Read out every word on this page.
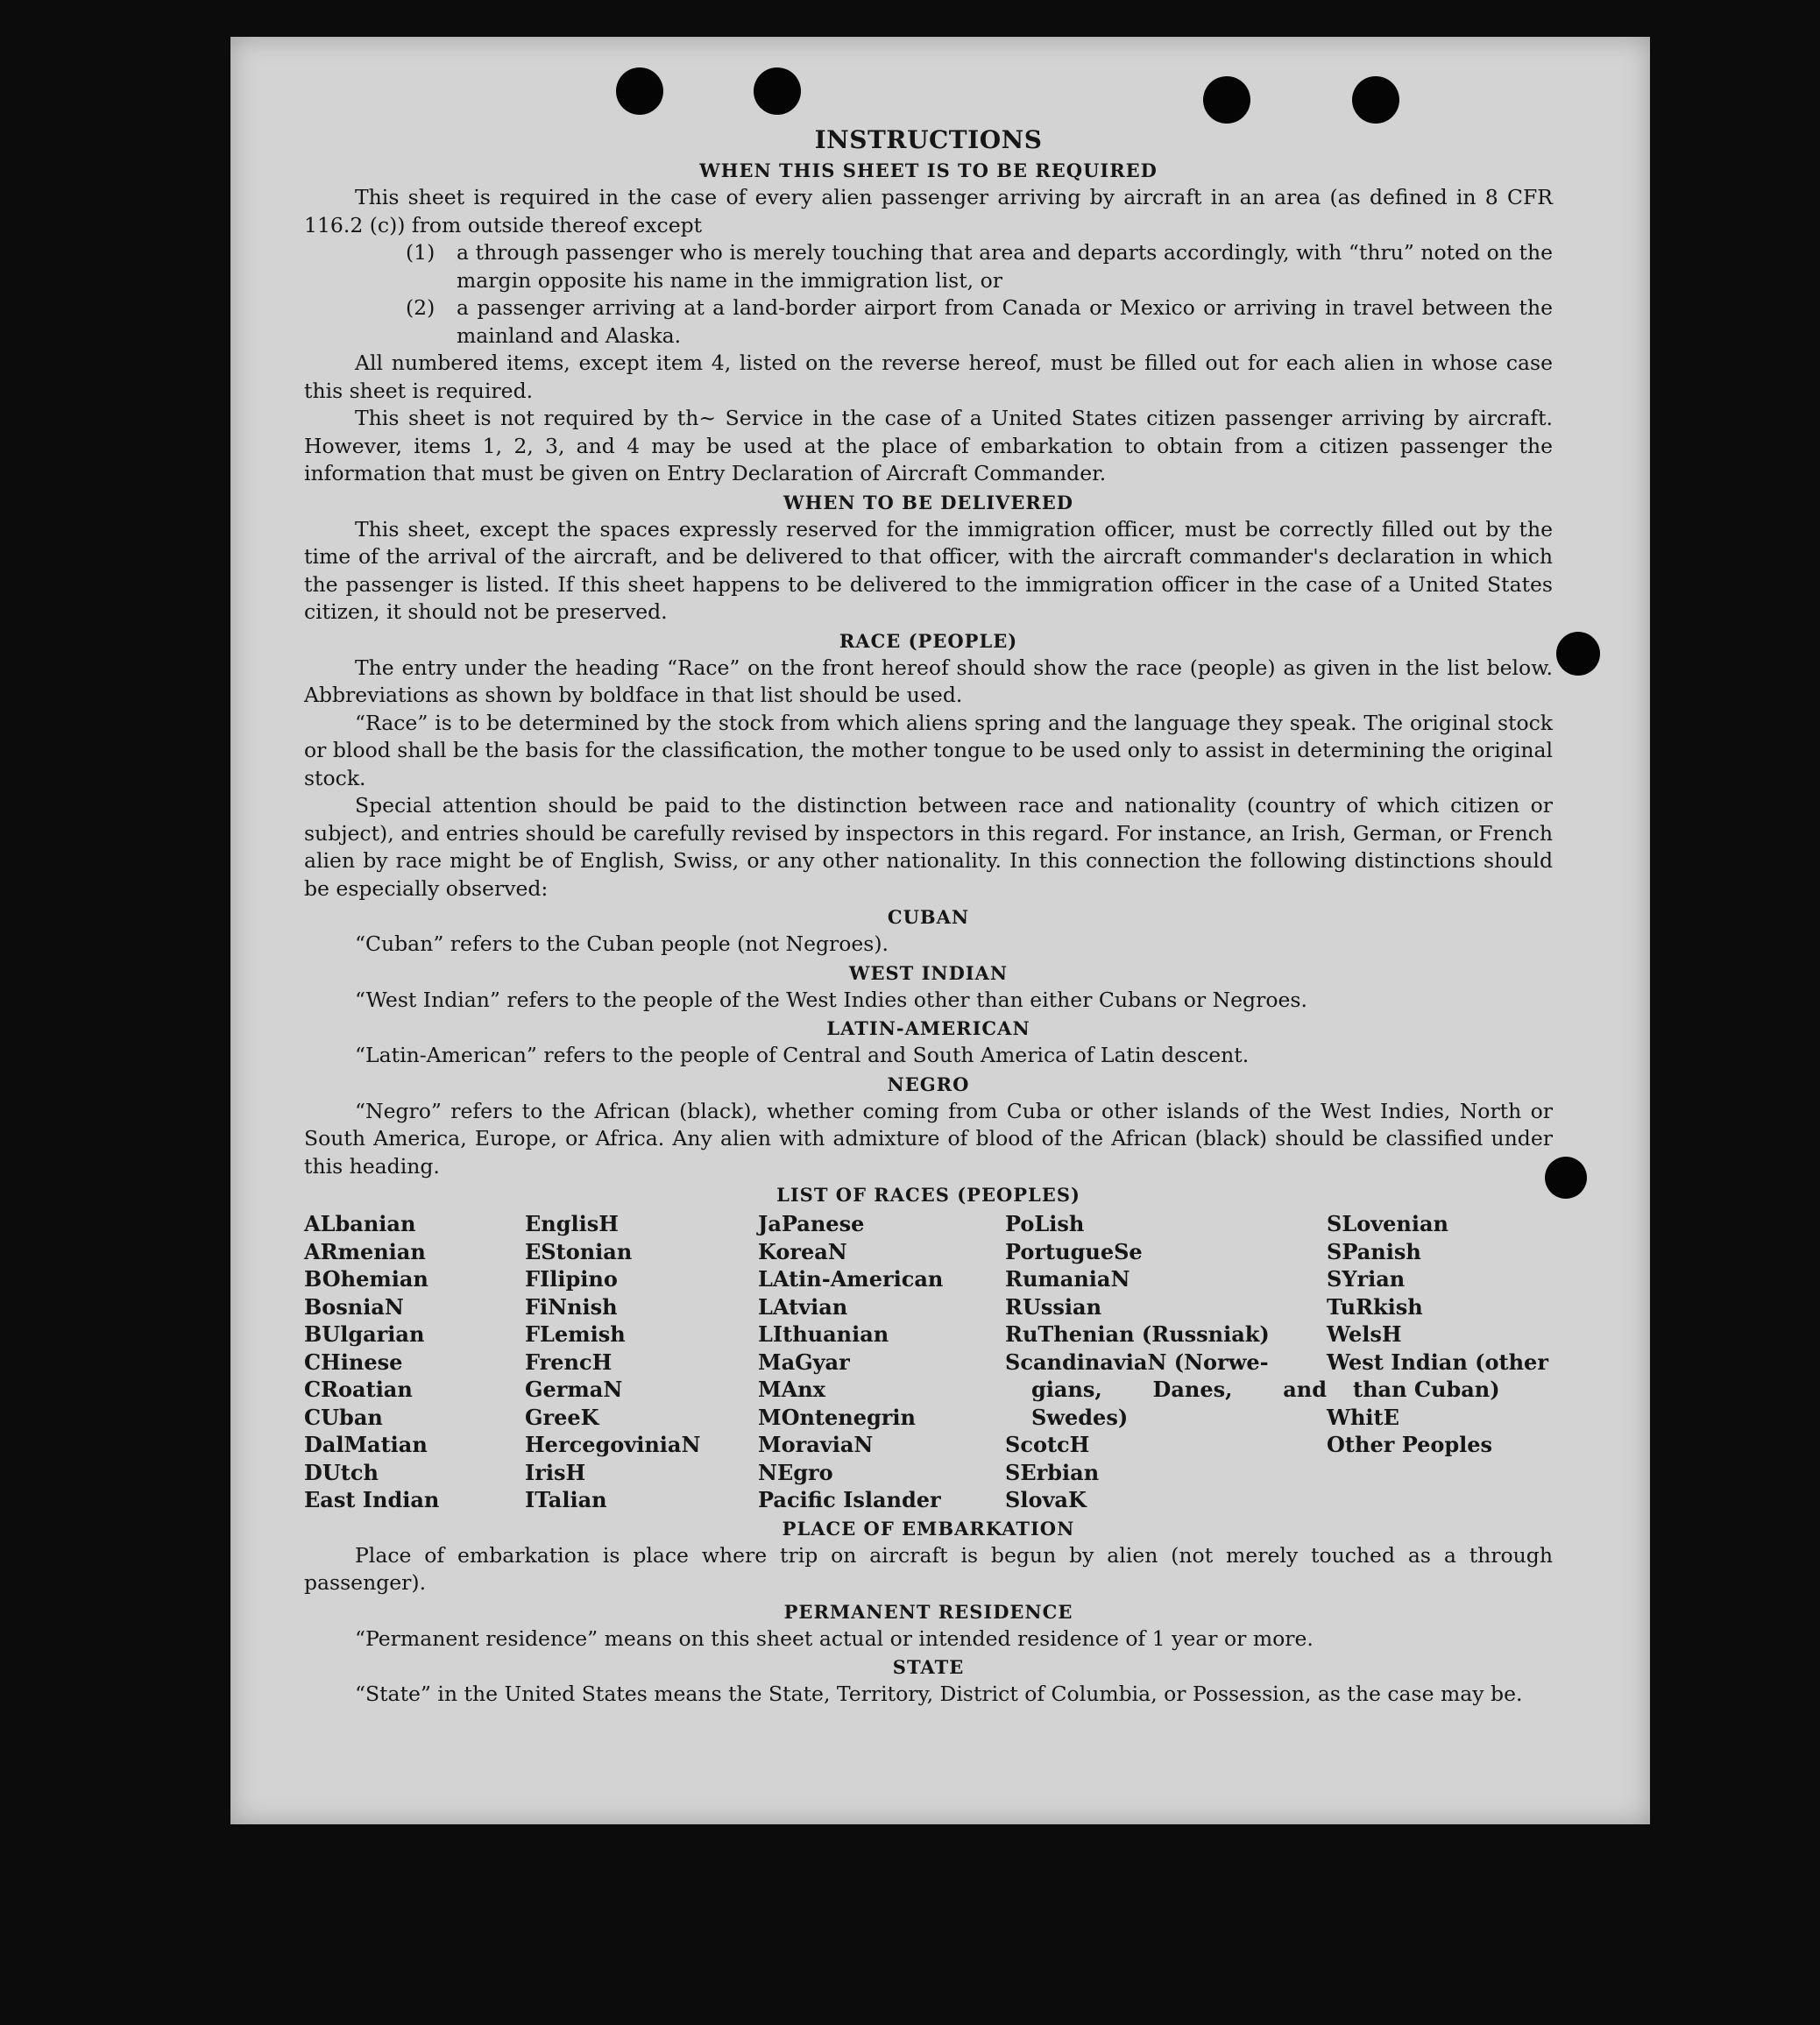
INSTRUCTIONS
WHEN THIS SHEET IS TO BE REQUIRED

This sheet is required in the case of every alien passenger arriving by aircraft in an area (as defined in 8 CFR 116.2 (c)) from outside thereof except

(1)	a through passenger who is merely touching that area and departs accordingly, with “thru” noted on the margin opposite his name in the immigration list, or
(2)	a passenger arriving at a land-border airport from Canada or Mexico or arriving in travel between the mainland and Alaska.

All numbered items, except item 4, listed on the reverse hereof, must be filled out for each alien in whose case this sheet is required.

This sheet is not required by th~ Service in the case of a United States citizen passenger arriving by aircraft. However, items 1, 2, 3, and 4 may be used at the place of embarkation to obtain from a citizen passenger the information that must be given on Entry Declaration of Aircraft Commander.

WHEN TO BE DELIVERED

This sheet, except the spaces expressly reserved for the immigration officer, must be correctly filled out by the time of the arrival of the aircraft, and be delivered to that officer, with the aircraft commander's declaration in which the passenger is listed. If this sheet happens to be delivered to the immigration officer in the case of a United States citizen, it should not be preserved.

RACE (PEOPLE)

The entry under the heading “Race” on the front hereof should show the race (people) as given in the list below. Abbreviations as shown by boldface in that list should be used.

“Race” is to be determined by the stock from which aliens spring and the language they speak. The original stock or blood shall be the basis for the classification, the mother tongue to be used only to assist in determining the original stock.

Special attention should be paid to the distinction between race and nationality (country of which citizen or subject), and entries should be carefully revised by inspectors in this regard. For instance, an Irish, German, or French alien by race might be of English, Swiss, or any other nationality. In this connection the following distinctions should be especially observed:

CUBAN

“Cuban” refers to the Cuban people (not Negroes).

WEST INDIAN

“West Indian” refers to the people of the West Indies other than either Cubans or Negroes.

LATIN-AMERICAN

“Latin-American” refers to the people of Central and South America of Latin descent.

NEGRO

“Negro” refers to the African (black), whether coming from Cuba or other islands of the West Indies, North or South America, Europe, or Africa. Any alien with admixture of blood of the African (black) should be classified under this heading.

LIST OF RACES (PEOPLES)
ALbanian
ARmenian
BOhemian
BosniaN
BUlgarian
CHinese
CRoatian
CUban
DalMatian
DUtch
East Indian
EnglisH
EStonian
FIlipino
FiNnish
FLemish
FrencH
GermaN
GreeK
HercegoviniaN
IrisH
ITalian
JaPanese
KoreaN
LAtin-American
LAtvian
LIthuanian
MaGyar
MAnx
MOntenegrin
MoraviaN
NEgro
Pacific Islander
PoLish
PortugueSe
RumaniaN
RUssian
RuThenian (Russniak)
ScandinaviaN (Norwe-
gians, Danes, and
Swedes)
ScotcH
SErbian
SlovaK
SLovenian
SPanish
SYrian
TuRkish
WelsH
West Indian (other
than Cuban)
WhitE
Other Peoples
PLACE OF EMBARKATION

Place of embarkation is place where trip on aircraft is begun by alien (not merely touched as a through passenger).

PERMANENT RESIDENCE

“Permanent residence” means on this sheet actual or intended residence of 1 year or more.

STATE

“State” in the United States means the State, Territory, District of Columbia, or Possession, as the case may be.
